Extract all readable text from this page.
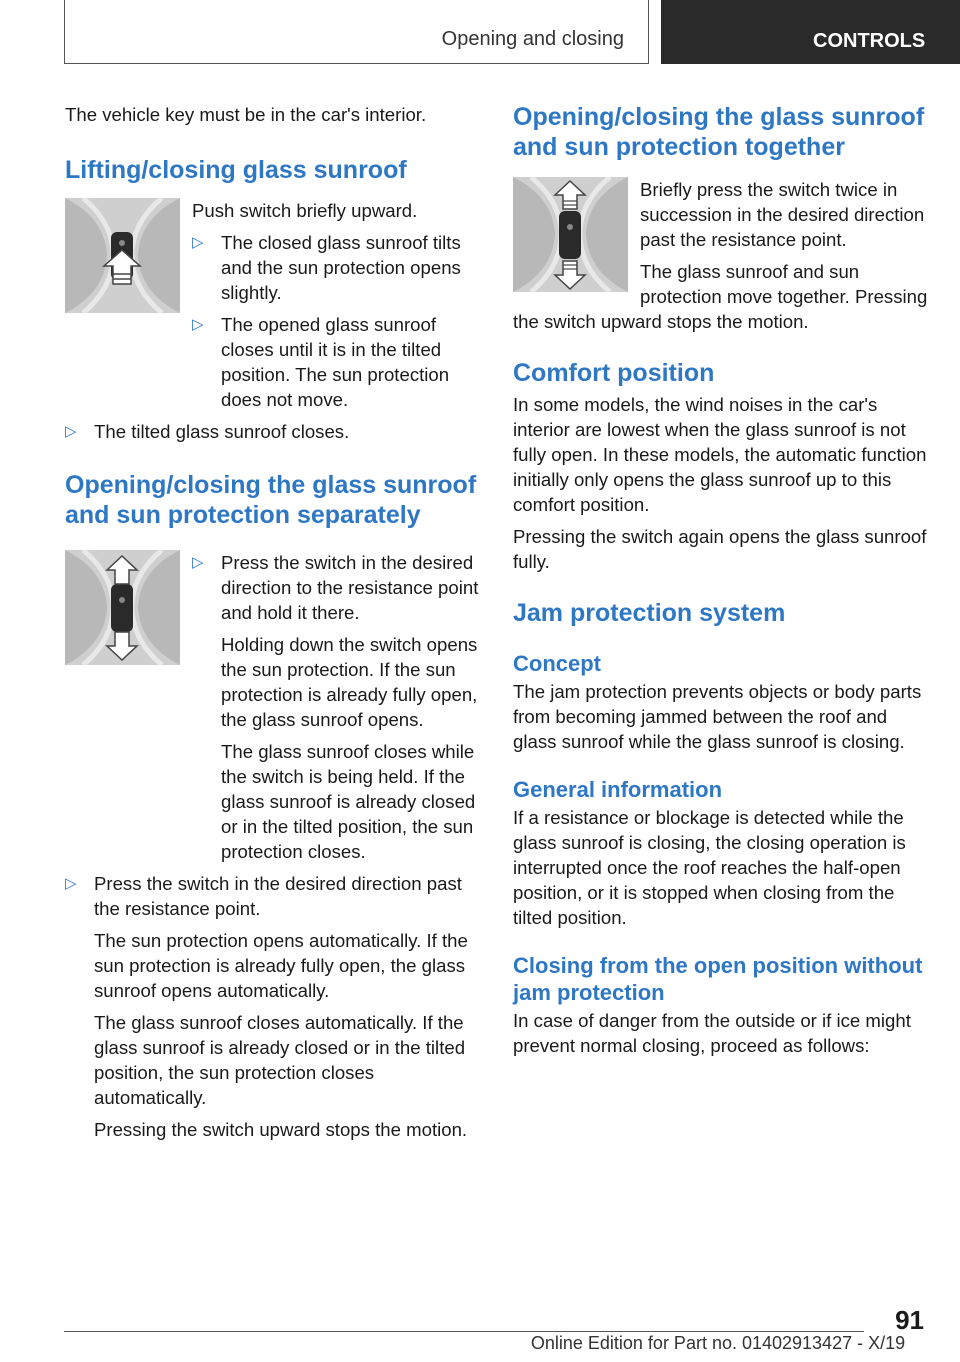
Opening and closing	CONTROLS

The vehicle key must be in the car's interior.

Lifting/closing glass sunroof

Push switch briefly upward.

▷ The closed glass sunroof tilts and the sun protection opens slightly.
▷ The opened glass sunroof closes until it is in the tilted position. The sun protection does not move.
▷ The tilted glass sunroof closes.
Opening/closing the glass sunroof and sun protection separately
▷ Press the switch in the desired direction to the resistance point and hold it there.

Holding down the switch opens the sun protection. If the sun protection is already fully open, the glass sunroof opens.

The glass sunroof closes while the switch is being held. If the glass sunroof is already closed or in the tilted position, the sun protection closes.

▷ Press the switch in the desired direction past the resistance point.

The sun protection opens automatically. If the sun protection is already fully open, the glass sunroof opens automatically.

The glass sunroof closes automatically. If the glass sunroof is already closed or in the tilted position, the sun protection closes automatically.

Pressing the switch upward stops the motion.

Opening/closing the glass sunroof and sun protection together

Briefly press the switch twice in succession in the desired direction past the resistance point.

The glass sunroof and sun protection move together. Pressing the switch upward stops the motion.

Comfort position

In some models, the wind noises in the car's interior are lowest when the glass sunroof is not fully open. In these models, the automatic function initially only opens the glass sunroof up to this comfort position.

Pressing the switch again opens the glass sunroof fully.

Jam protection system
Concept

The jam protection prevents objects or body parts from becoming jammed between the roof and glass sunroof while the glass sunroof is closing.

General information

If a resistance or blockage is detected while the glass sunroof is closing, the closing operation is interrupted once the roof reaches the half-open position, or it is stopped when closing from the tilted position.

Closing from the open position without jam protection

In case of danger from the outside or if ice might prevent normal closing, proceed as follows:

91
Online Edition for Part no. 01402913427 - X/19
